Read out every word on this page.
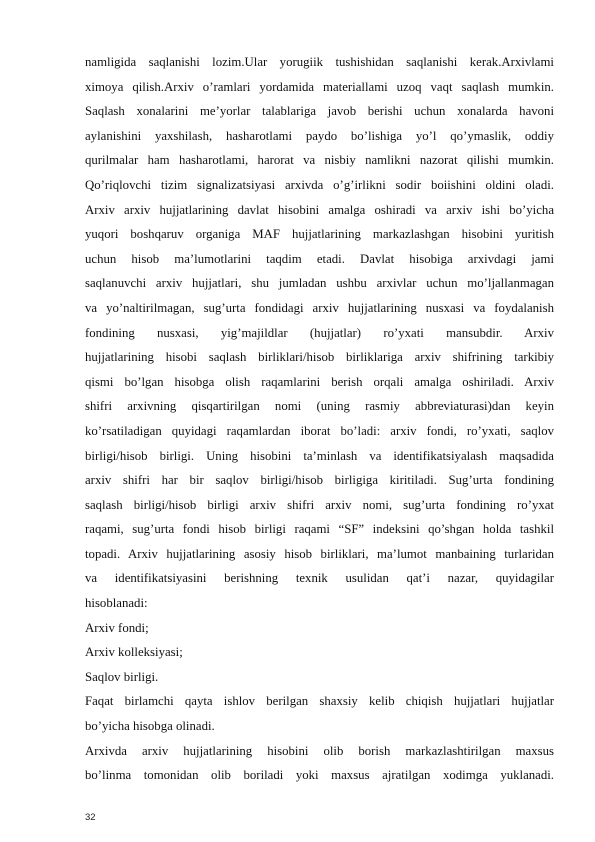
namligida saqlanishi lozim.Ular yorugiik tushishidan saqlanishi kerak.Arxivlami
ximoya qilish.Arxiv o’ramlari yordamida materiallami uzoq vaqt saqlash mumkin.
Saqlash xonalarini me’yorlar talablariga javob berishi uchun xonalarda havoni
aylanishini yaxshilash, hasharotlami paydo bo’lishiga yo’l qo’ymaslik, oddiy
qurilmalar ham hasharotlami, harorat va nisbiy namlikni nazorat qilishi mumkin.
Qo’riqlovchi tizim signalizatsiyasi arxivda o’g’irlikni sodir boiishini oldini oladi.
Arxiv arxiv hujjatlarining davlat hisobini amalga oshiradi va arxiv ishi bo’yicha
yuqori boshqaruv organiga MAF hujjatlarining markazlashgan hisobini yuritish
uchun hisob ma’lumotlarini taqdim etadi. Davlat hisobiga arxivdagi jami
saqlanuvchi arxiv hujjatlari, shu jumladan ushbu arxivlar uchun mo’ljallanmagan
va yo’naltirilmagan, sug’urta fondidagi arxiv hujjatlarining nusxasi va foydalanish
fondining nusxasi, yig’majildlar (hujjatlar) ro’yxati mansubdir. Arxiv
hujjatlarining hisobi saqlash birliklari/hisob birliklariga arxiv shifrining tarkibiy
qismi bo’lgan hisobga olish raqamlarini berish orqali amalga oshiriladi. Arxiv
shifri arxivning qisqartirilgan nomi (uning rasmiy abbreviaturasi)dan keyin
ko’rsatiladigan quyidagi raqamlardan iborat bo’ladi: arxiv fondi, ro’yxati, saqlov
birligi/hisob birligi. Uning hisobini ta’minlash va identifikatsiyalash maqsadida
arxiv shifri har bir saqlov birligi/hisob birligiga kiritiladi. Sug’urta fondining
saqlash birligi/hisob birligi arxiv shifri arxiv nomi, sug’urta fondining ro’yxat
raqami, sug’urta fondi hisob birligi raqami “SF” indeksini qo’shgan holda tashkil
topadi. Arxiv hujjatlarining asosiy hisob birliklari, ma’lumot manbaining turlaridan
va identifikatsiyasini berishning texnik usulidan qat’i nazar, quyidagilar
hisoblanadi:
Arxiv fondi;
Arxiv kolleksiyasi;
Saqlov birligi.
Faqat birlamchi qayta ishlov berilgan shaxsiy kelib chiqish hujjatlari hujjatlar
bo’yicha hisobga olinadi.
Arxivda arxiv hujjatlarining hisobini olib borish markazlashtirilgan maxsus
bo’linma tomonidan olib boriladi yoki maxsus ajratilgan xodimga yuklanadi.
32
